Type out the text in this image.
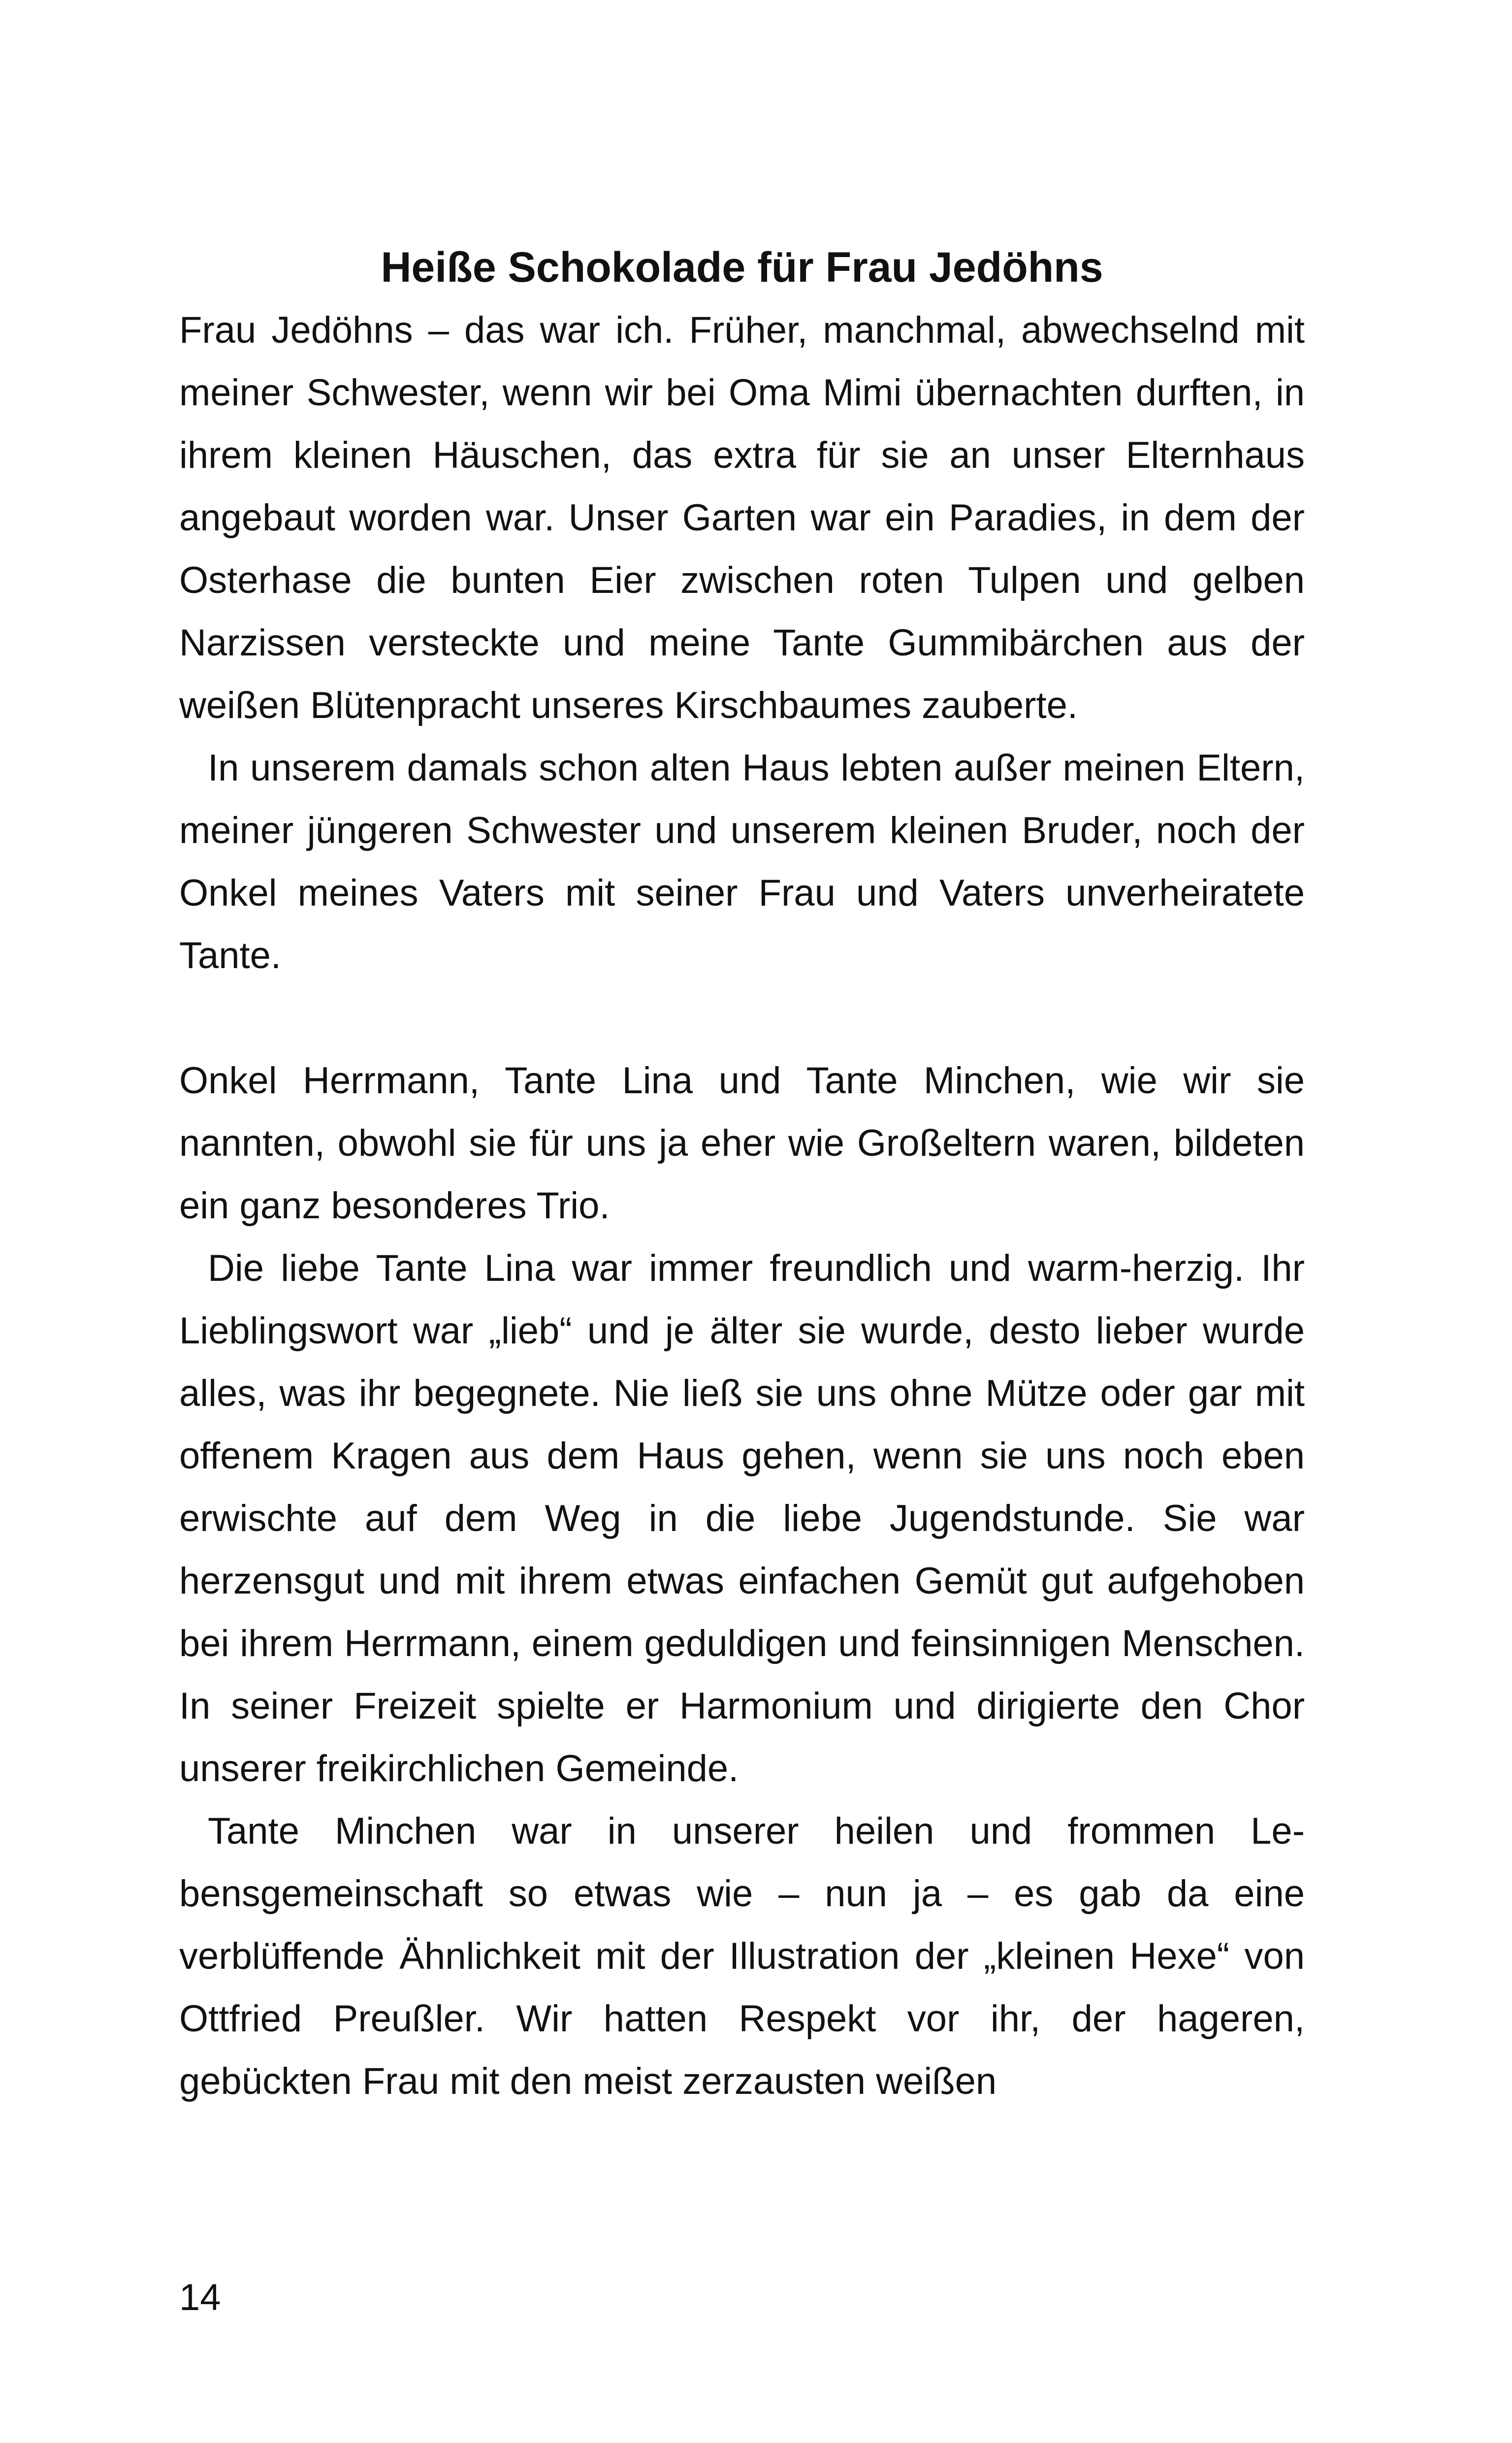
Heiße Schokolade für Frau Jedöhns

Frau Jedöhns – das war ich. Früher, manchmal, abwechselnd mit meiner Schwester, wenn wir bei Oma Mimi übernachten durften, in ihrem kleinen Häuschen, das extra für sie an unser Elternhaus angebaut worden war. Unser Garten war ein Paradies, in dem der Osterhase die bunten Eier zwischen roten Tulpen und gelben Narzissen versteckte und meine Tante Gummibärchen aus der weißen Blütenpracht unseres Kirschbaumes zauberte.

In unserem damals schon alten Haus lebten außer meinen Eltern, meiner jüngeren Schwester und unserem kleinen Bruder, noch der Onkel meines Vaters mit seiner Frau und Vaters unverheiratete Tante.

Onkel Herrmann, Tante Lina und Tante Minchen, wie wir sie nannten, obwohl sie für uns ja eher wie Großeltern waren, bildeten ein ganz besonderes Trio.

Die liebe Tante Lina war immer freundlich und warm-herzig. Ihr Lieblingswort war „lieb“ und je älter sie wurde, desto lieber wurde alles, was ihr begegnete. Nie ließ sie uns ohne Mütze oder gar mit offenem Kragen aus dem Haus gehen, wenn sie uns noch eben erwischte auf dem Weg in die liebe Jugendstunde. Sie war herzensgut und mit ihrem etwas einfachen Gemüt gut aufgehoben bei ihrem Herrmann, einem geduldigen und feinsinnigen Menschen. In seiner Freizeit spielte er Harmonium und dirigierte den Chor unserer freikirchlichen Gemeinde.

Tante Minchen war in unserer heilen und frommen Le-bensgemeinschaft so etwas wie – nun ja – es gab da eine verblüffende Ähnlichkeit mit der Illustration der „kleinen Hexe“ von Ottfried Preußler. Wir hatten Respekt vor ihr, der hageren, gebückten Frau mit den meist zerzausten weißen

14
